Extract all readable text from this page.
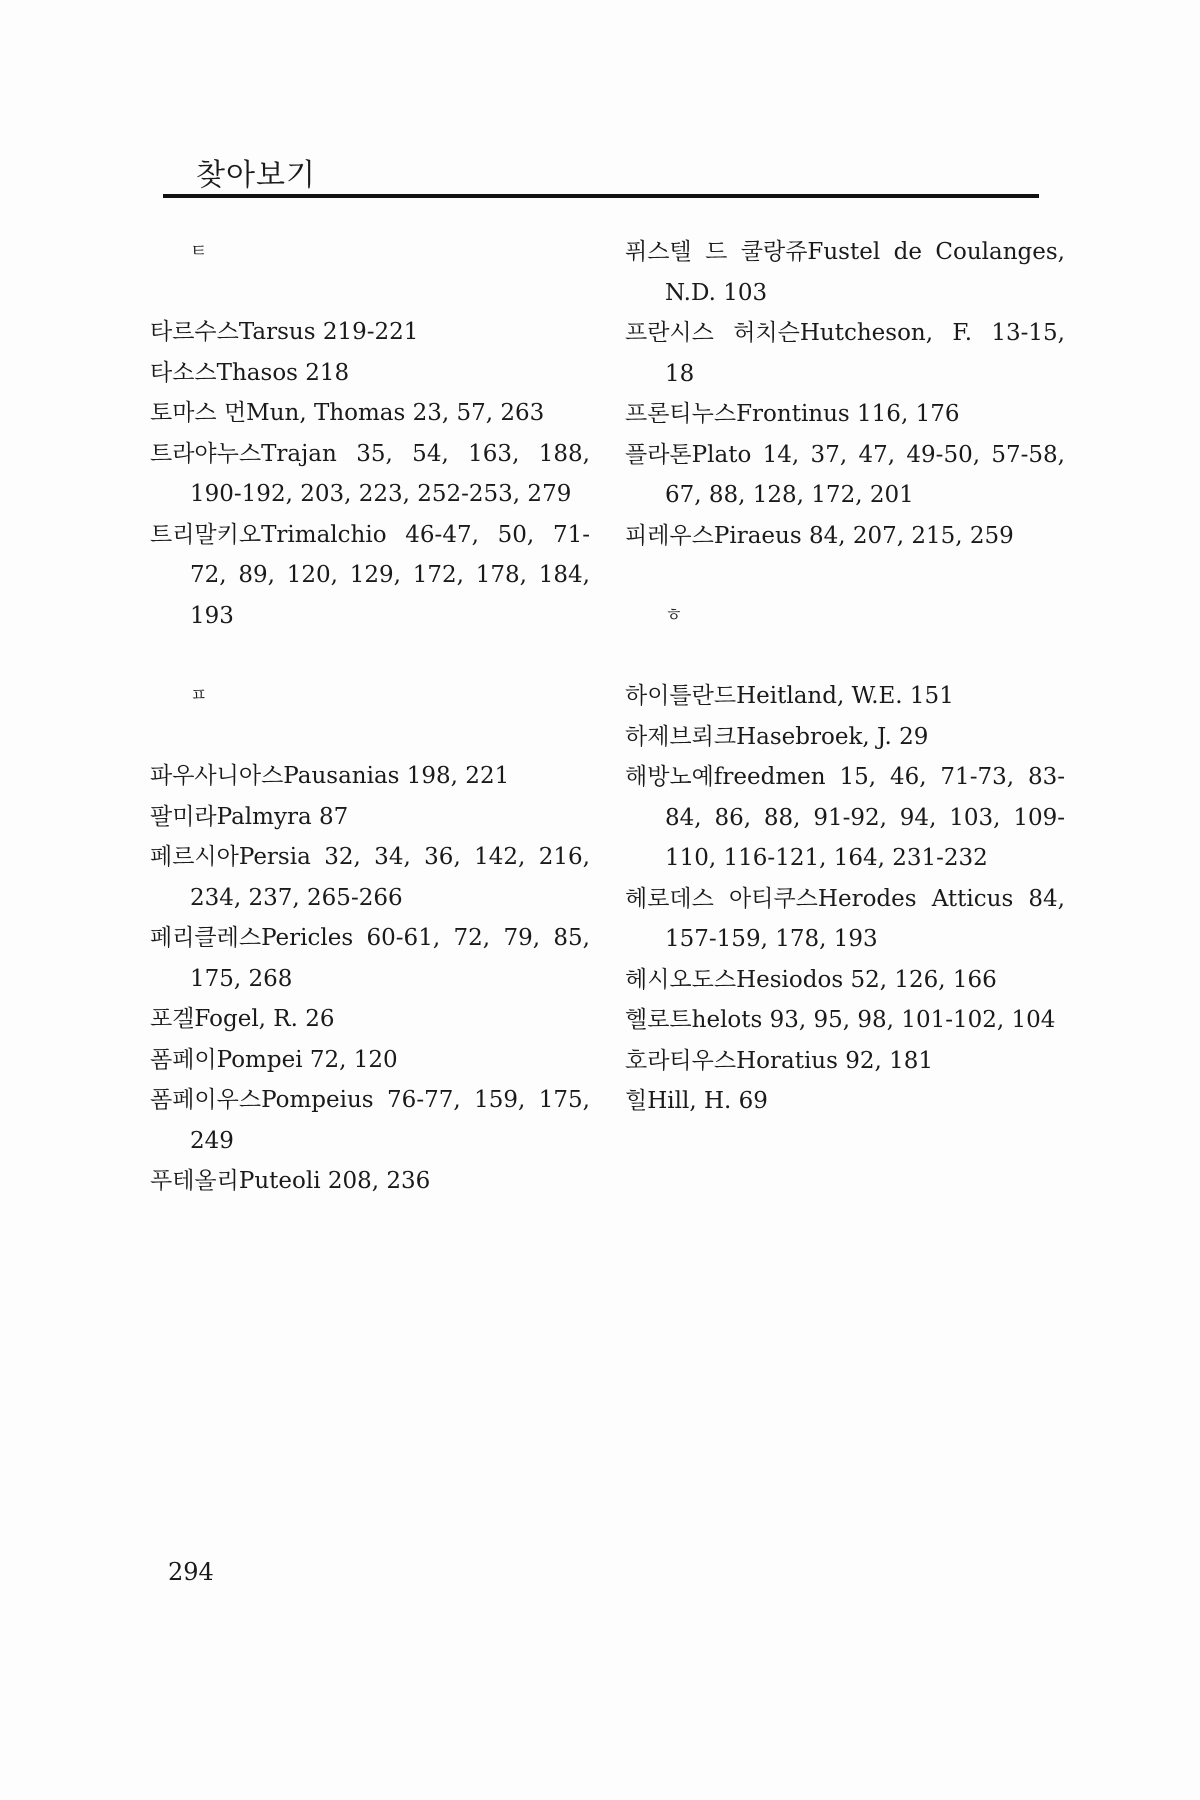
찾아보기
ㅌ
타르수스Tarsus 219-221
타소스Thasos 218
토마스 먼Mun, Thomas 23, 57, 263
트라야누스Trajan 35, 54, 163, 188, 190-192, 203, 223, 252-253, 279
트리말키오Trimalchio 46-47, 50, 71-72, 89, 120, 129, 172, 178, 184, 193
ㅍ
파우사니아스Pausanias 198, 221
팔미라Palmyra 87
페르시아Persia 32, 34, 36, 142, 216, 234, 237, 265-266
페리클레스Pericles 60-61, 72, 79, 85, 175, 268
포겔Fogel, R. 26
폼페이Pompei 72, 120
폼페이우스Pompeius 76-77, 159, 175, 249
푸테올리Puteoli 208, 236
퓌스텔 드 쿨랑쥬Fustel de Coulanges, N.D. 103
프란시스 허치슨Hutcheson, F. 13-15, 18
프론티누스Frontinus 116, 176
플라톤Plato 14, 37, 47, 49-50, 57-58, 67, 88, 128, 172, 201
피레우스Piraeus 84, 207, 215, 259
ㅎ
하이틀란드Heitland, W.E. 151
하제브뢰크Hasebroek, J. 29
해방노예freedmen 15, 46, 71-73, 83-84, 86, 88, 91-92, 94, 103, 109-110, 116-121, 164, 231-232
헤로데스 아티쿠스Herodes Atticus 84, 157-159, 178, 193
헤시오도스Hesiodos 52, 126, 166
헬로트helots 93, 95, 98, 101-102, 104
호라티우스Horatius 92, 181
힐Hill, H. 69
294
